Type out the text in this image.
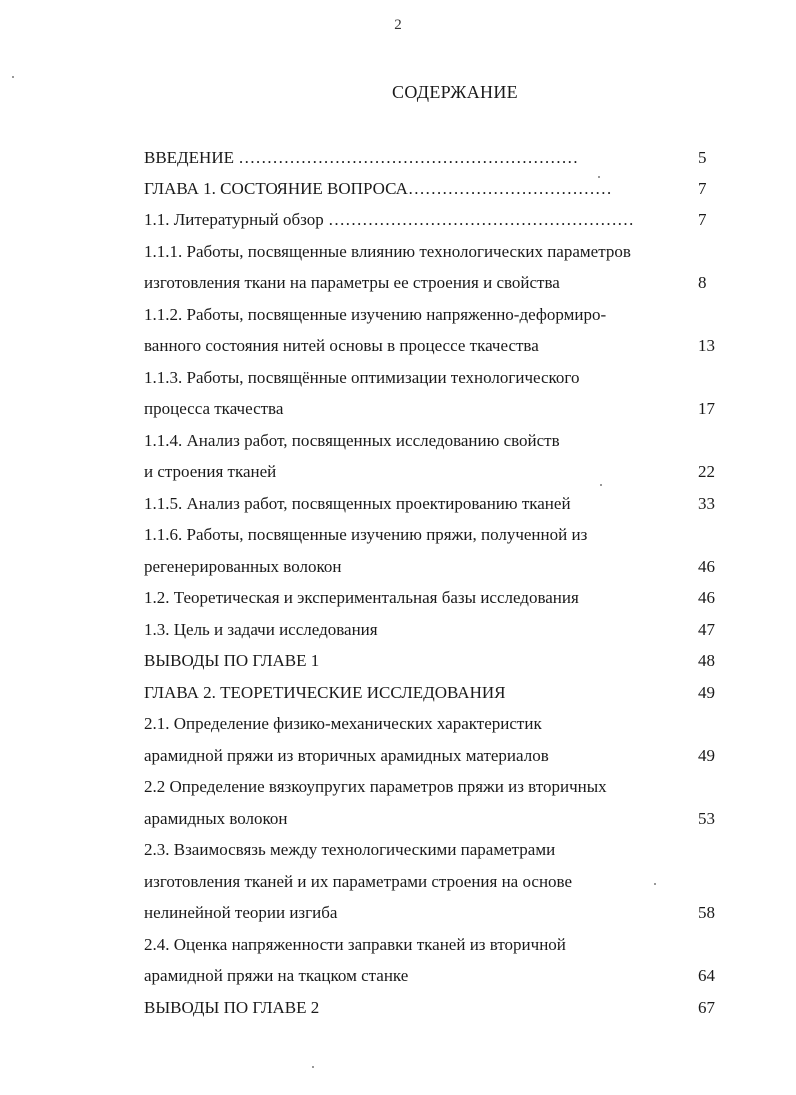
2
СОДЕРЖАНИЕ
ВВЕДЕНИЕ ……………………………………………………	5
ГЛАВА 1. СОСТОЯНИЕ ВОПРОСА………………………………	7
1.1. Литературный обзор ………………………………………………	7
1.1.1. Работы, посвященные влиянию технологических параметров
изготовления ткани на параметры ее строения и свойства	8
1.1.2. Работы, посвященные изучению напряженно-деформиро-
ванного состояния нитей основы в процессе ткачества	13
1.1.3. Работы, посвящённые оптимизации технологического
процесса ткачества	17
1.1.4. Анализ работ, посвященных исследованию свойств
и строения тканей	22
1.1.5. Анализ работ, посвященных проектированию тканей	33
1.1.6. Работы, посвященные изучению пряжи, полученной из
регенерированных волокон	46
1.2. Теоретическая и экспериментальная базы исследования	46
1.3. Цель и задачи исследования	47
ВЫВОДЫ ПО ГЛАВЕ 1	48
ГЛАВА 2. ТЕОРЕТИЧЕСКИЕ ИССЛЕДОВАНИЯ	49
2.1. Определение физико-механических характеристик
арамидной пряжи из вторичных арамидных материалов	49
2.2 Определение вязкоупругих параметров пряжи из вторичных
арамидных волокон	53
2.3. Взаимосвязь между технологическими параметрами
изготовления тканей и их параметрами строения на основе
нелинейной теории изгиба	58
2.4. Оценка напряженности заправки тканей из вторичной
арамидной пряжи на ткацком станке	64
ВЫВОДЫ ПО ГЛАВЕ 2	67
